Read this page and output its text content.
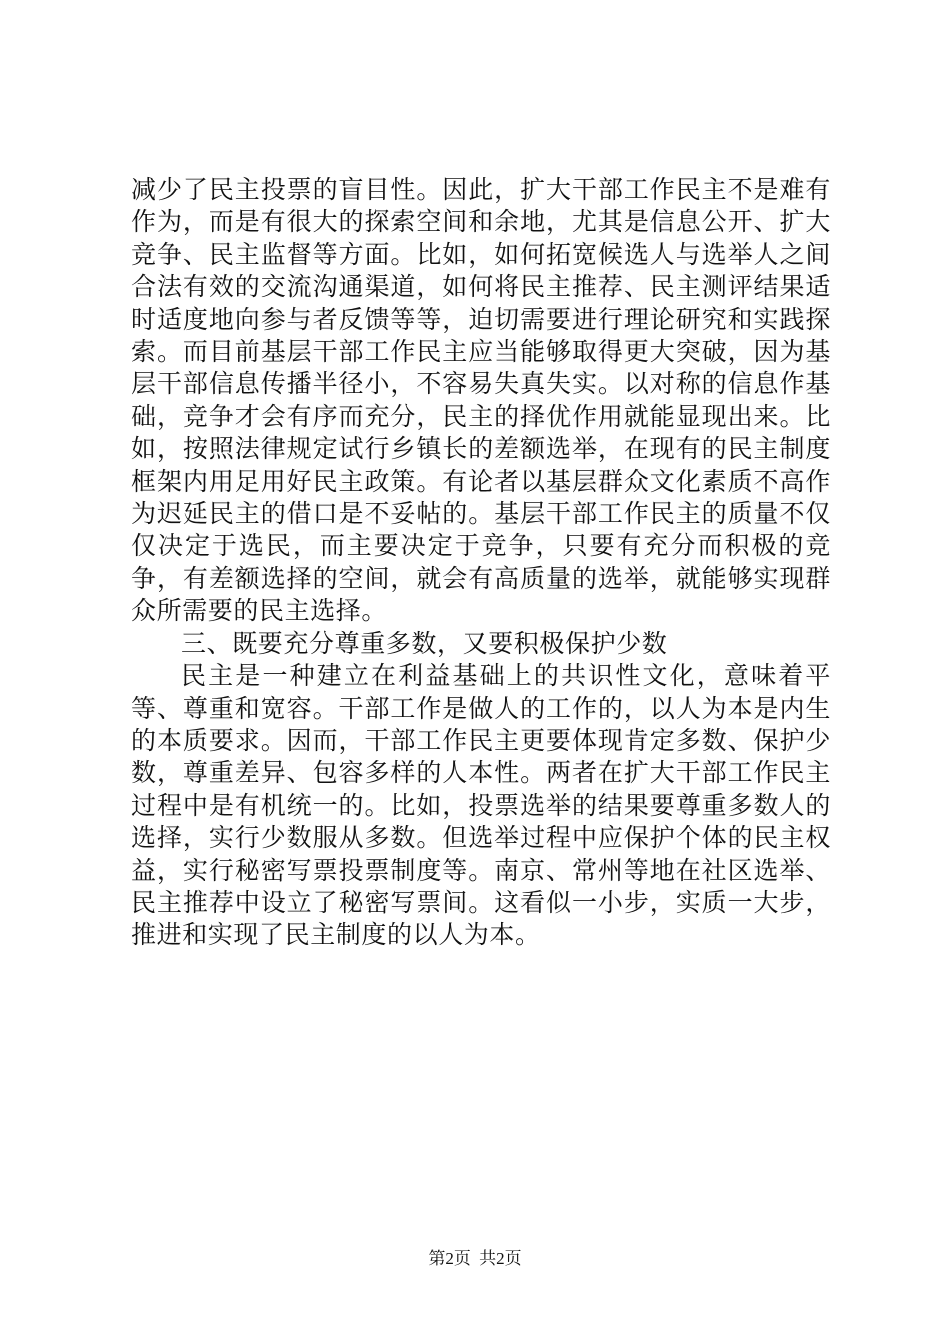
减少了民主投票的盲目性。因此，扩大干部工作民主不是难有作为，而是有很大的探索空间和余地，尤其是信息公开、扩大竞争、民主监督等方面。比如，如何拓宽候选人与选举人之间合法有效的交流沟通渠道，如何将民主推荐、民主测评结果适时适度地向参与者反馈等等，迫切需要进行理论研究和实践探索。而目前基层干部工作民主应当能够取得更大突破，因为基层干部信息传播半径小，不容易失真失实。以对称的信息作基础，竞争才会有序而充分，民主的择优作用就能显现出来。比如，按照法律规定试行乡镇长的差额选举，在现有的民主制度框架内用足用好民主政策。有论者以基层群众文化素质不高作为迟延民主的借口是不妥帖的。基层干部工作民主的质量不仅仅决定于选民，而主要决定于竞争，只要有充分而积极的竞争，有差额选择的空间，就会有高质量的选举，就能够实现群众所需要的民主选择。

三、既要充分尊重多数，又要积极保护少数

民主是一种建立在利益基础上的共识性文化，意味着平等、尊重和宽容。干部工作是做人的工作的，以人为本是内生的本质要求。因而，干部工作民主更要体现肯定多数、保护少数，尊重差异、包容多样的人本性。两者在扩大干部工作民主过程中是有机统一的。比如，投票选举的结果要尊重多数人的选择，实行少数服从多数。但选举过程中应保护个体的民主权益，实行秘密写票投票制度等。南京、常州等地在社区选举、民主推荐中设立了秘密写票间。这看似一小步，实质一大步，推进和实现了民主制度的以人为本。

第2页 共2页
